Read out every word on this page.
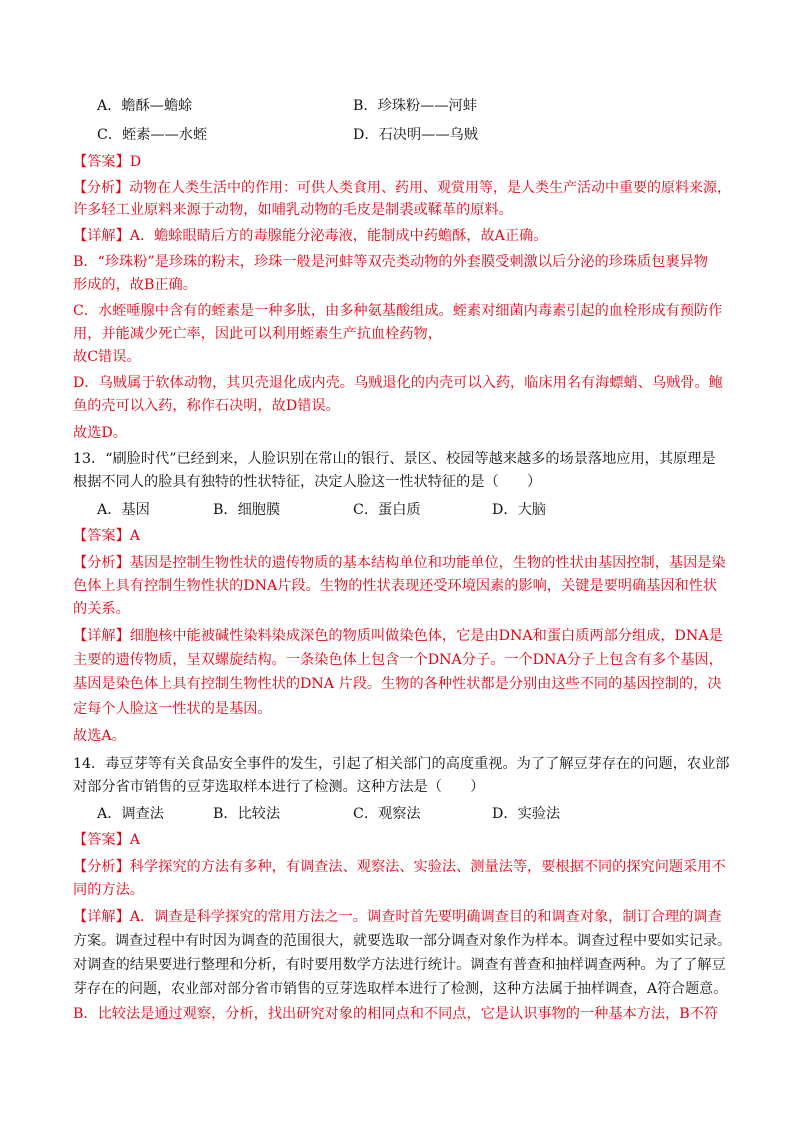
A．蟾酥—蟾蜍	B．珍珠粉——河蚌
C．蛭素——水蛭	D．石决明——乌贼
【答案】D
【分析】动物在人类生活中的作用：可供人类食用、药用、观赏用等，是人类生产活动中重要的原料来源，
许多轻工业原料来源于动物，如哺乳动物的毛皮是制裘或鞣革的原料。
【详解】A．蟾蜍眼睛后方的毒腺能分泌毒液，能制成中药蟾酥，故A正确。
B．“珍珠粉”是珍珠的粉末，珍珠一般是河蚌等双壳类动物的外套膜受刺激以后分泌的珍珠质包裹异物
形成的，故B正确。
C．水蛭唾腺中含有的蛭素是一种多肽，由多种氨基酸组成。蛭素对细菌内毒素引起的血栓形成有预防作
用，并能减少死亡率，因此可以利用蛭素生产抗血栓药物，
故C错误。
D．乌贼属于软体动物，其贝壳退化成内壳。乌贼退化的内壳可以入药，临床用名有海螵蛸、乌贼骨。鲍
鱼的壳可以入药，称作石决明，故D错误。
故选D。
13．“刷脸时代”已经到来，人脸识别在常山的银行、景区、校园等越来越多的场景落地应用，其原理是
根据不同人的脸具有独特的性状特征，决定人脸这一性状特征的是（　　）
A．基因	B．细胞膜	C．蛋白质	D．大脑
【答案】A
【分析】基因是控制生物性状的遗传物质的基本结构单位和功能单位，生物的性状由基因控制，基因是染
色体上具有控制生物性状的DNA片段。生物的性状表现还受环境因素的影响，关键是要明确基因和性状
的关系。
【详解】细胞核中能被碱性染料染成深色的物质叫做染色体，它是由DNA和蛋白质两部分组成，DNA是
主要的遗传物质，呈双螺旋结构。一条染色体上包含一个DNA分子。一个DNA分子上包含有多个基因，
基因是染色体上具有控制生物性状的DNA 片段。生物的各种性状都是分别由这些不同的基因控制的，决
定每个人脸这一性状的是基因。
故选A。
14．毒豆芽等有关食品安全事件的发生，引起了相关部门的高度重视。为了了解豆芽存在的问题，农业部
对部分省市销售的豆芽选取样本进行了检测。这种方法是（　　）
A．调查法	B．比较法	C．观察法	D．实验法
【答案】A
【分析】科学探究的方法有多种，有调查法、观察法、实验法、测量法等，要根据不同的探究问题采用不
同的方法。
【详解】A．调查是科学探究的常用方法之一。调查时首先要明确调查目的和调查对象，制订合理的调查
方案。调查过程中有时因为调查的范围很大，就要选取一部分调查对象作为样本。调查过程中要如实记录。
对调查的结果要进行整理和分析，有时要用数学方法进行统计。调查有普查和抽样调查两种。为了了解豆
芽存在的问题，农业部对部分省市销售的豆芽选取样本进行了检测，这种方法属于抽样调查，A符合题意。
B．比较法是通过观察，分析，找出研究对象的相同点和不同点，它是认识事物的一种基本方法，B不符
